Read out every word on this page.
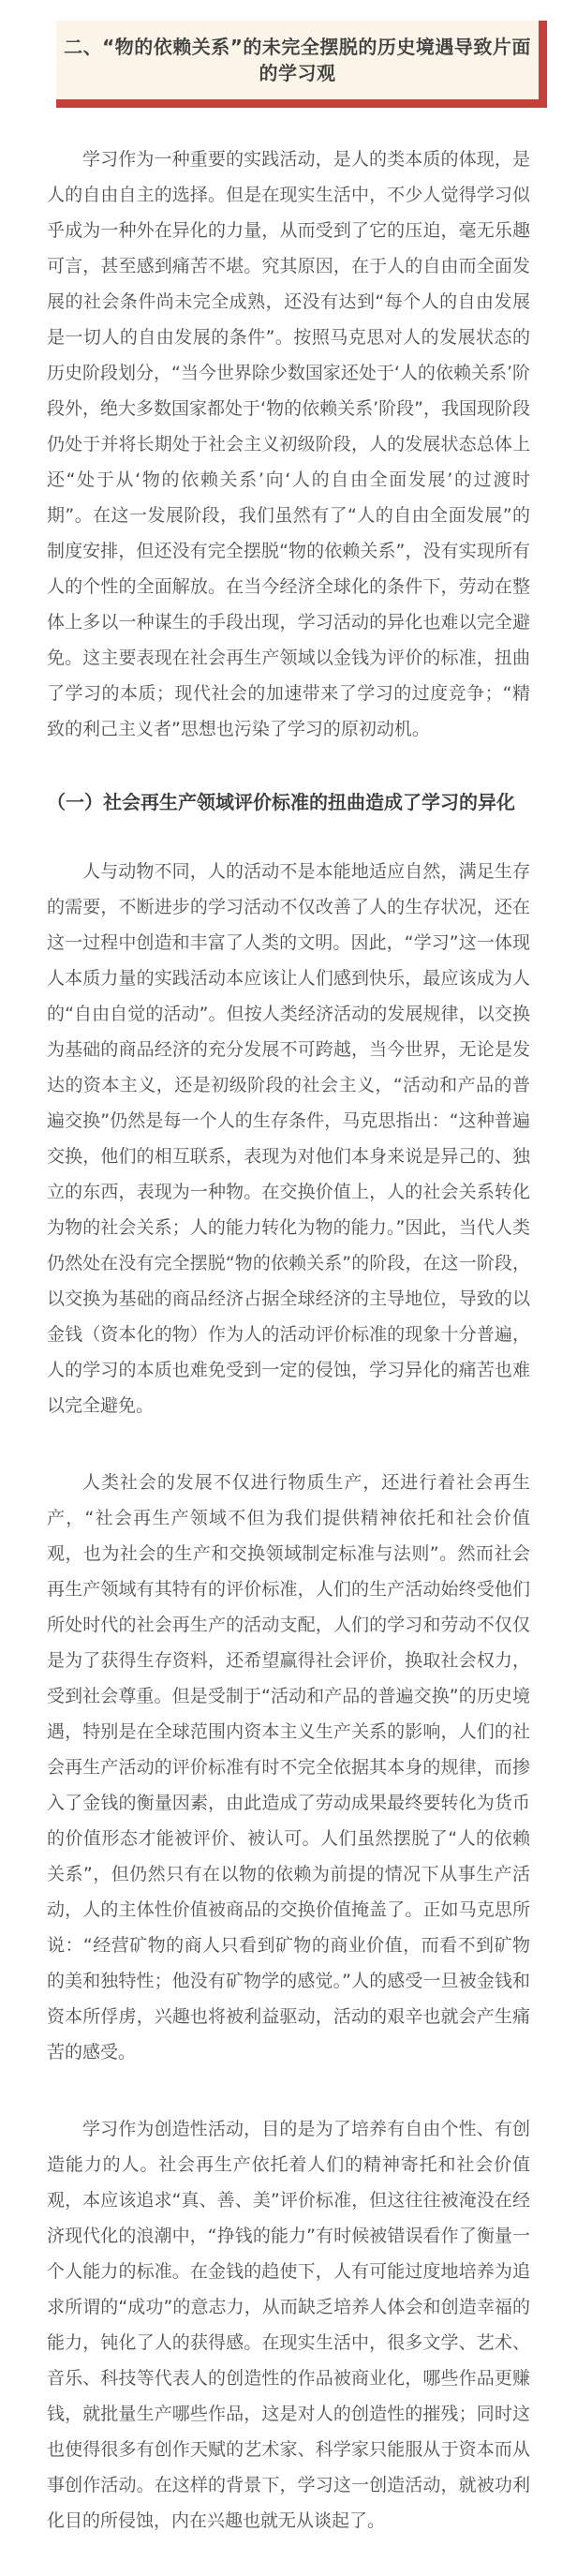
二、“物的依赖关系”的未完全摆脱的历史境遇导致片面的学习观

学习作为一种重要的实践活动，是人的类本质的体现，是人的自由自主的选择。但是在现实生活中，不少人觉得学习似乎成为一种外在异化的力量，从而受到了它的压迫，毫无乐趣可言，甚至感到痛苦不堪。究其原因，在于人的自由而全面发展的社会条件尚未完全成熟，还没有达到“每个人的自由发展是一切人的自由发展的条件”。按照马克思对人的发展状态的历史阶段划分，“当今世界除少数国家还处于‘人的依赖关系’阶段外，绝大多数国家都处于‘物的依赖关系’阶段”，我国现阶段仍处于并将长期处于社会主义初级阶段，人的发展状态总体上还“处于从‘物的依赖关系’向‘人的自由全面发展’的过渡时期”。在这一发展阶段，我们虽然有了“人的自由全面发展”的制度安排，但还没有完全摆脱“物的依赖关系”，没有实现所有人的个性的全面解放。在当今经济全球化的条件下，劳动在整体上多以一种谋生的手段出现，学习活动的异化也难以完全避免。这主要表现在社会再生产领域以金钱为评价的标准，扭曲了学习的本质；现代社会的加速带来了学习的过度竞争；“精致的利己主义者”思想也污染了学习的原初动机。

（一）社会再生产领域评价标准的扭曲造成了学习的异化

人与动物不同，人的活动不是本能地适应自然，满足生存的需要，不断进步的学习活动不仅改善了人的生存状况，还在这一过程中创造和丰富了人类的文明。因此，“学习”这一体现人本质力量的实践活动本应该让人们感到快乐，最应该成为人的“自由自觉的活动”。但按人类经济活动的发展规律，以交换为基础的商品经济的充分发展不可跨越，当今世界，无论是发达的资本主义，还是初级阶段的社会主义，“活动和产品的普遍交换”仍然是每一个人的生存条件，马克思指出：“这种普遍交换，他们的相互联系，表现为对他们本身来说是异己的、独立的东西，表现为一种物。在交换价值上，人的社会关系转化为物的社会关系；人的能力转化为物的能力。”因此，当代人类仍然处在没有完全摆脱“物的依赖关系”的阶段，在这一阶段，以交换为基础的商品经济占据全球经济的主导地位，导致的以金钱（资本化的物）作为人的活动评价标准的现象十分普遍，人的学习的本质也难免受到一定的侵蚀，学习异化的痛苦也难以完全避免。

人类社会的发展不仅进行物质生产，还进行着社会再生产，“社会再生产领域不但为我们提供精神依托和社会价值观，也为社会的生产和交换领域制定标准与法则”。然而社会再生产领域有其特有的评价标准，人们的生产活动始终受他们所处时代的社会再生产的活动支配，人们的学习和劳动不仅仅是为了获得生存资料，还希望赢得社会评价，换取社会权力，受到社会尊重。但是受制于“活动和产品的普遍交换”的历史境遇，特别是在全球范围内资本主义生产关系的影响，人们的社会再生产活动的评价标准有时不完全依据其本身的规律，而掺入了金钱的衡量因素，由此造成了劳动成果最终要转化为货币的价值形态才能被评价、被认可。人们虽然摆脱了“人的依赖关系”，但仍然只有在以物的依赖为前提的情况下从事生产活动，人的主体性价值被商品的交换价值掩盖了。正如马克思所说：“经营矿物的商人只看到矿物的商业价值，而看不到矿物的美和独特性；他没有矿物学的感觉。”人的感受一旦被金钱和资本所俘虏，兴趣也将被利益驱动，活动的艰辛也就会产生痛苦的感受。

学习作为创造性活动，目的是为了培养有自由个性、有创造能力的人。社会再生产依托着人们的精神寄托和社会价值观，本应该追求“真、善、美”评价标准，但这往往被淹没在经济现代化的浪潮中，“挣钱的能力”有时候被错误看作了衡量一个人能力的标准。在金钱的趋使下，人有可能过度地培养为追求所谓的“成功”的意志力，从而缺乏培养人体会和创造幸福的能力，钝化了人的获得感。在现实生活中，很多文学、艺术、音乐、科技等代表人的创造性的作品被商业化，哪些作品更赚钱，就批量生产哪些作品，这是对人的创造性的摧残；同时这也使得很多有创作天赋的艺术家、科学家只能服从于资本而从事创作活动。在这样的背景下，学习这一创造活动，就被功利化目的所侵蚀，内在兴趣也就无从谈起了。
